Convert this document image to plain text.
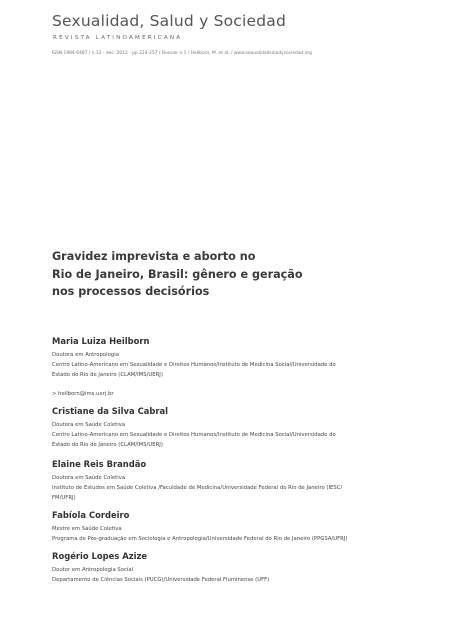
Sexualidad, Salud y Sociedad
REVISTA LATINOAMERICANA
ISSN 1984-6487 / n.12 - dec. 2012 - pp.224-257 / Dossier n.1 / Heilborn, M. et al. / www.sexualidadsaludysociedad.org
Gravidez imprevista e aborto no
Rio de Janeiro, Brasil: gênero e geração
nos processos decisórios
Maria Luiza Heilborn
Doutora em Antropologia
Centro Latino-Americano em Sexualidade e Direitos Humanos/Instituto de Medicina Social/Universidade do
Estado do Rio de Janeiro (CLAM/IMS/UERJ)
> heilborn@ims.uerj.br
Cristiane da Silva Cabral
Doutora em Saúde Coletiva
Centro Latino-Americano em Sexualidade e Direitos Humanos/Instituto de Medicina Social/Universidade do
Estado do Rio de Janeiro (CLAM/IMS/UERJ)
Elaine Reis Brandão
Doutora em Saúde Coletiva
Instituto de Estudos em Saúde Coletiva /Faculdade de Medicina/Universidade Federal do Rio de Janeiro (IESC/
FM/UFRJ)
Fabíola Cordeiro
Mestre em Saúde Coletiva
Programa de Pós-graduação em Sociologia e Antropologia/Universidade Federal do Rio de Janeiro (PPGSA/UFRJ)
Rogério Lopes Azize
Doutor em Antropologia Social
Departamento de Ciências Sociais (PUCG)/Universidade Federal Fluminense (UFF)
